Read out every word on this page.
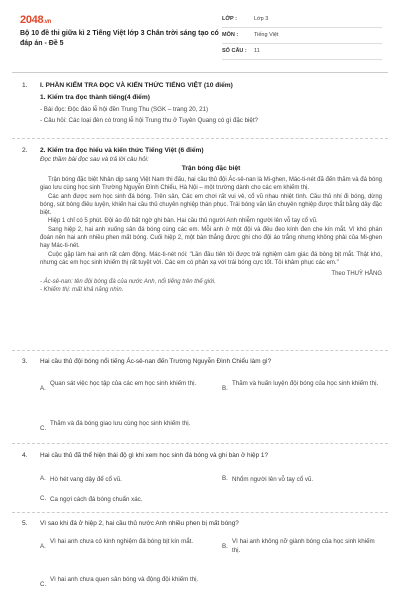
2048.vn
Bộ 10 đề thi giữa kì 2 Tiếng Việt lớp 3 Chân trời sáng tạo có đáp án - Đề 5
LỚP :	Lớp 3
MÔN :	Tiếng Việt
SỐ CÂU :	11
1. I. PHẦN KIỂM TRA ĐỌC VÀ KIẾN THỨC TIẾNG VIỆT (10 điểm)
1. Kiểm tra đọc thành tiếng(4 điểm)
- Bài đọc: Độc đáo lễ hội đền Trung Thu (SGK – trang 20, 21)
- Câu hỏi: Các loại đèn có trong lễ hội Trung thu ở Tuyên Quang có gì đặc biệt?
2. 2. Kiểm tra đọc hiểu và kiến thức Tiếng Việt (6 điểm)
Đọc thầm bài đọc sau và trả lời câu hỏi:
Trận bóng đặc biệt

Trận bóng đặc biệt Nhân dịp sang Việt Nam thi đấu, hai cầu thủ đội Ác-sê-nan là Mi-ghen, Mác-ti-nét đã đến thăm và đá bóng giao lưu cùng học sinh Trường Nguyễn Đình Chiểu, Hà Nội – một trường dành cho các em khiếm thị.

Các anh được xem học sinh đá bóng. Trên sân, Các em chơi rất vui vẻ, cổ vũ nhau nhiệt tình. Cầu thủ nhí đi bóng, dừng bóng, sút bóng điêu luyện, khiến hai cầu thủ chuyên nghiệp thán phục. Trái bóng văn lăn chuyên nghiệp được thắt bằng dây đặc biệt.

Hiệp 1 chỉ có 5 phút. Đội áo đỏ bất ngờ ghi bàn. Hai cầu thủ người Anh nhiễm người lên vỗ tay cổ vũ.

Sang hiệp 2, hai anh xuống sân đá bóng cùng các em. Mỗi anh ở một đội và đều đeo kính đen che kín mắt. Vì khó phán đoán nên hai anh nhiều phen mất bóng. Cuối hiệp 2, một bàn thắng được ghi cho đội áo trắng nhưng không phải của Mi-ghen hay Mác-ti-nét.

Cuộc gặp làm hai anh rất cảm động. Mác-ti-nét nói: "Lần đầu tiên tôi được trải nghiệm cảm giác đá bóng bịt mắt. Thật khó, nhưng các em học sinh khiếm thị rất tuyệt vời. Các em có phản xạ với trái bóng cực tốt. Tôi khâm phục các em."

Theo THUỲ HẰNG
- Ác-sê-nan: tên đội bóng đá của nước Anh, nổi tiếng trên thế giới.
- Khiếm thị: mất khả năng nhìn.
3. Hai cầu thủ đội bóng nổi tiếng Ác-sê-nan đến Trường Nguyễn Đình Chiểu làm gì?
A.
Quan sát việc học tập của các em học sinh khiếm thị.
B.
Thăm và huấn luyện đội bóng của học sinh khiếm thị.
C.
Thăm và đá bóng giao lưu cùng học sinh khiếm thị.
4. Hai cầu thủ đã thể hiện thái độ gì khi xem học sinh đá bóng và ghi bàn ở hiệp 1?
A. Hò hét vang dậy để cổ vũ.	B. Nhổm người lên vỗ tay cổ vũ.
C. Ca ngợi cách đá bóng chuẩn xác.
5. Vì sao khi đá ở hiệp 2, hai cầu thủ nước Anh nhiều phen bị mất bóng?
A.
Vì hai anh chưa có kinh nghiệm đá bóng bịt kín mắt.
B.
Vì hai anh không nỡ giành bóng của học sinh khiếm thị.
C.
Vì hai anh chưa quen sân bóng và động đội khiếm thị.
